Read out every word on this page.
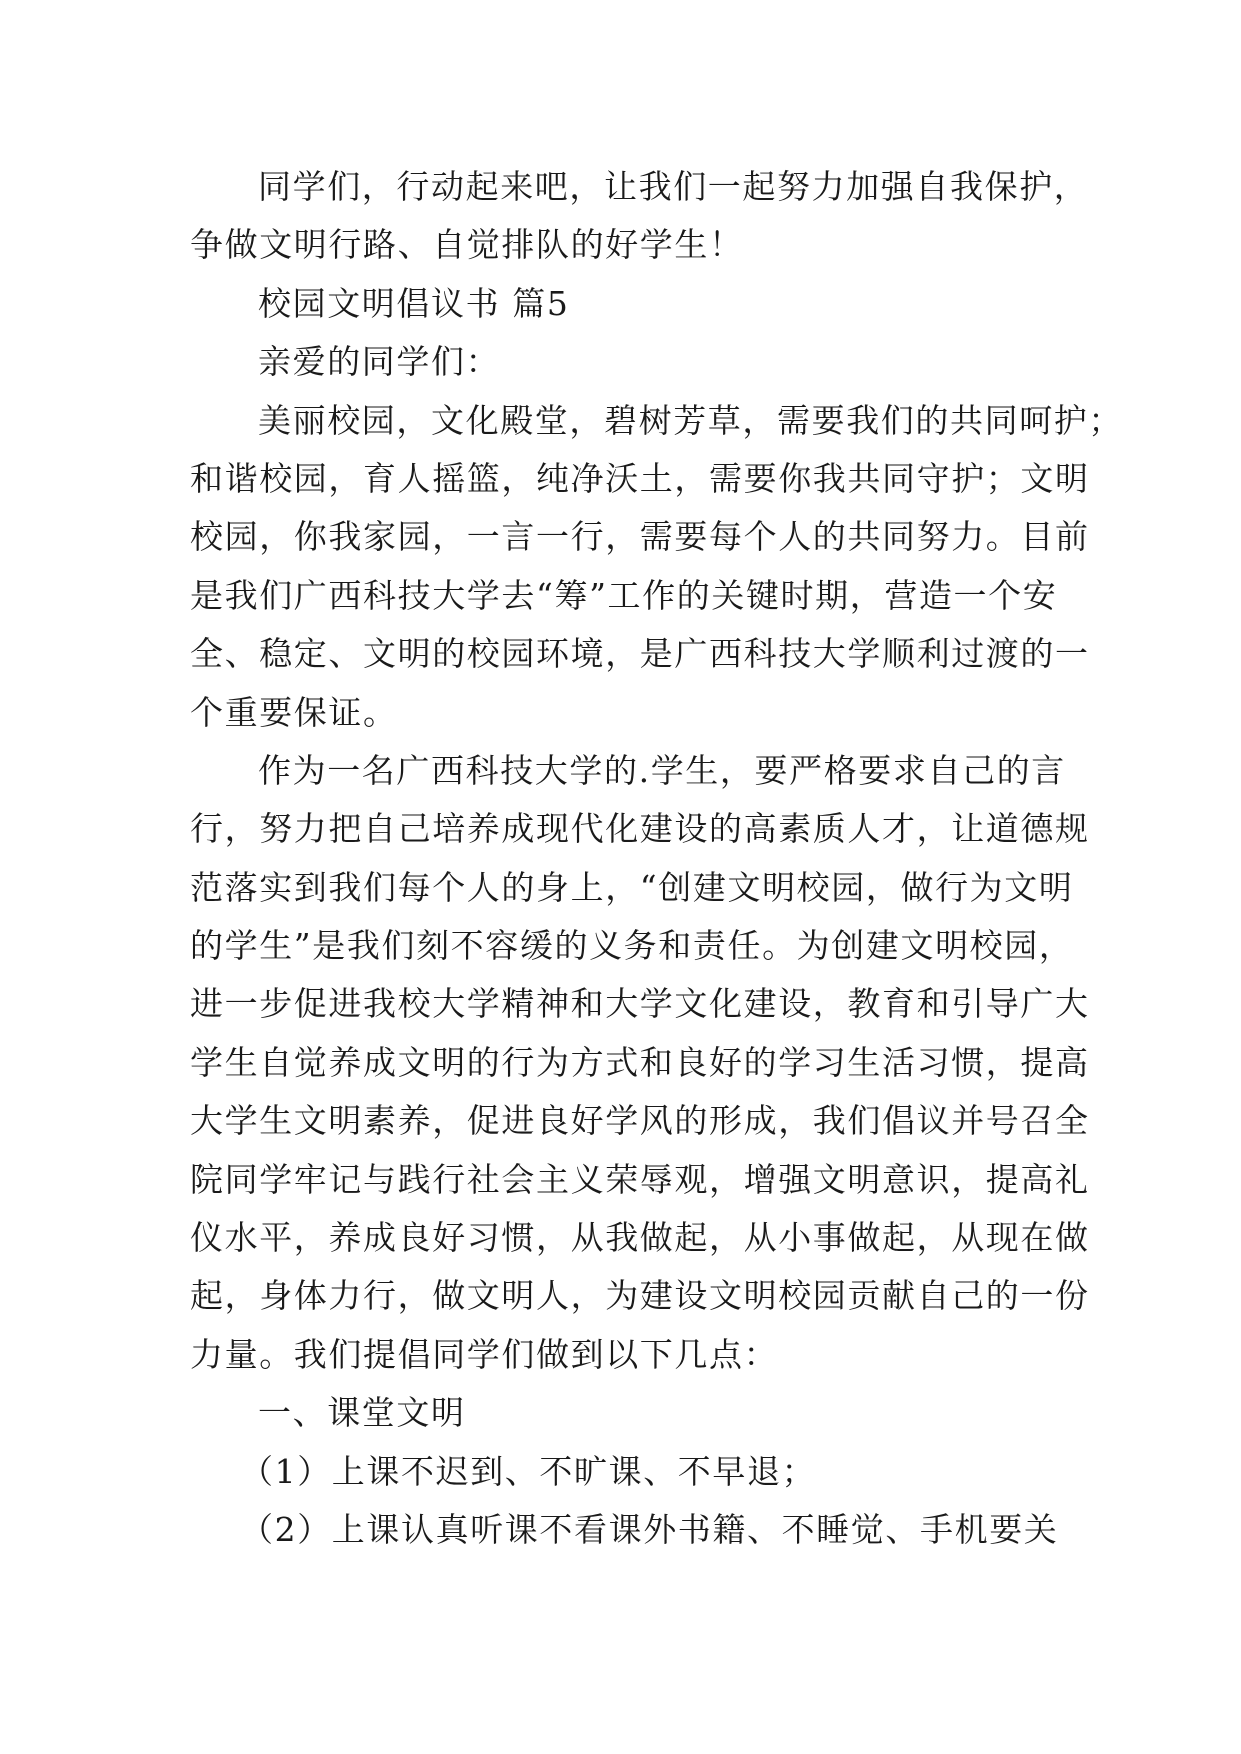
同学们，行动起来吧，让我们一起努力加强自我保护，
争做文明行路、自觉排队的好学生！
校园文明倡议书 篇5
亲爱的同学们：
美丽校园，文化殿堂，碧树芳草，需要我们的共同呵护；
和谐校园，育人摇篮，纯净沃土，需要你我共同守护；文明
校园，你我家园，一言一行，需要每个人的共同努力。目前
是我们广西科技大学去“筹”工作的关键时期，营造一个安
全、稳定、文明的校园环境，是广西科技大学顺利过渡的一
个重要保证。
作为一名广西科技大学的.学生，要严格要求自己的言
行，努力把自己培养成现代化建设的高素质人才，让道德规
范落实到我们每个人的身上，“创建文明校园，做行为文明
的学生”是我们刻不容缓的义务和责任。为创建文明校园，
进一步促进我校大学精神和大学文化建设，教育和引导广大
学生自觉养成文明的行为方式和良好的学习生活习惯，提高
大学生文明素养，促进良好学风的形成，我们倡议并号召全
院同学牢记与践行社会主义荣辱观，增强文明意识，提高礼
仪水平，养成良好习惯，从我做起，从小事做起，从现在做
起，身体力行，做文明人，为建设文明校园贡献自己的一份
力量。我们提倡同学们做到以下几点：
一、课堂文明
（1）上课不迟到、不旷课、不早退；
（2）上课认真听课不看课外书籍、不睡觉、手机要关
